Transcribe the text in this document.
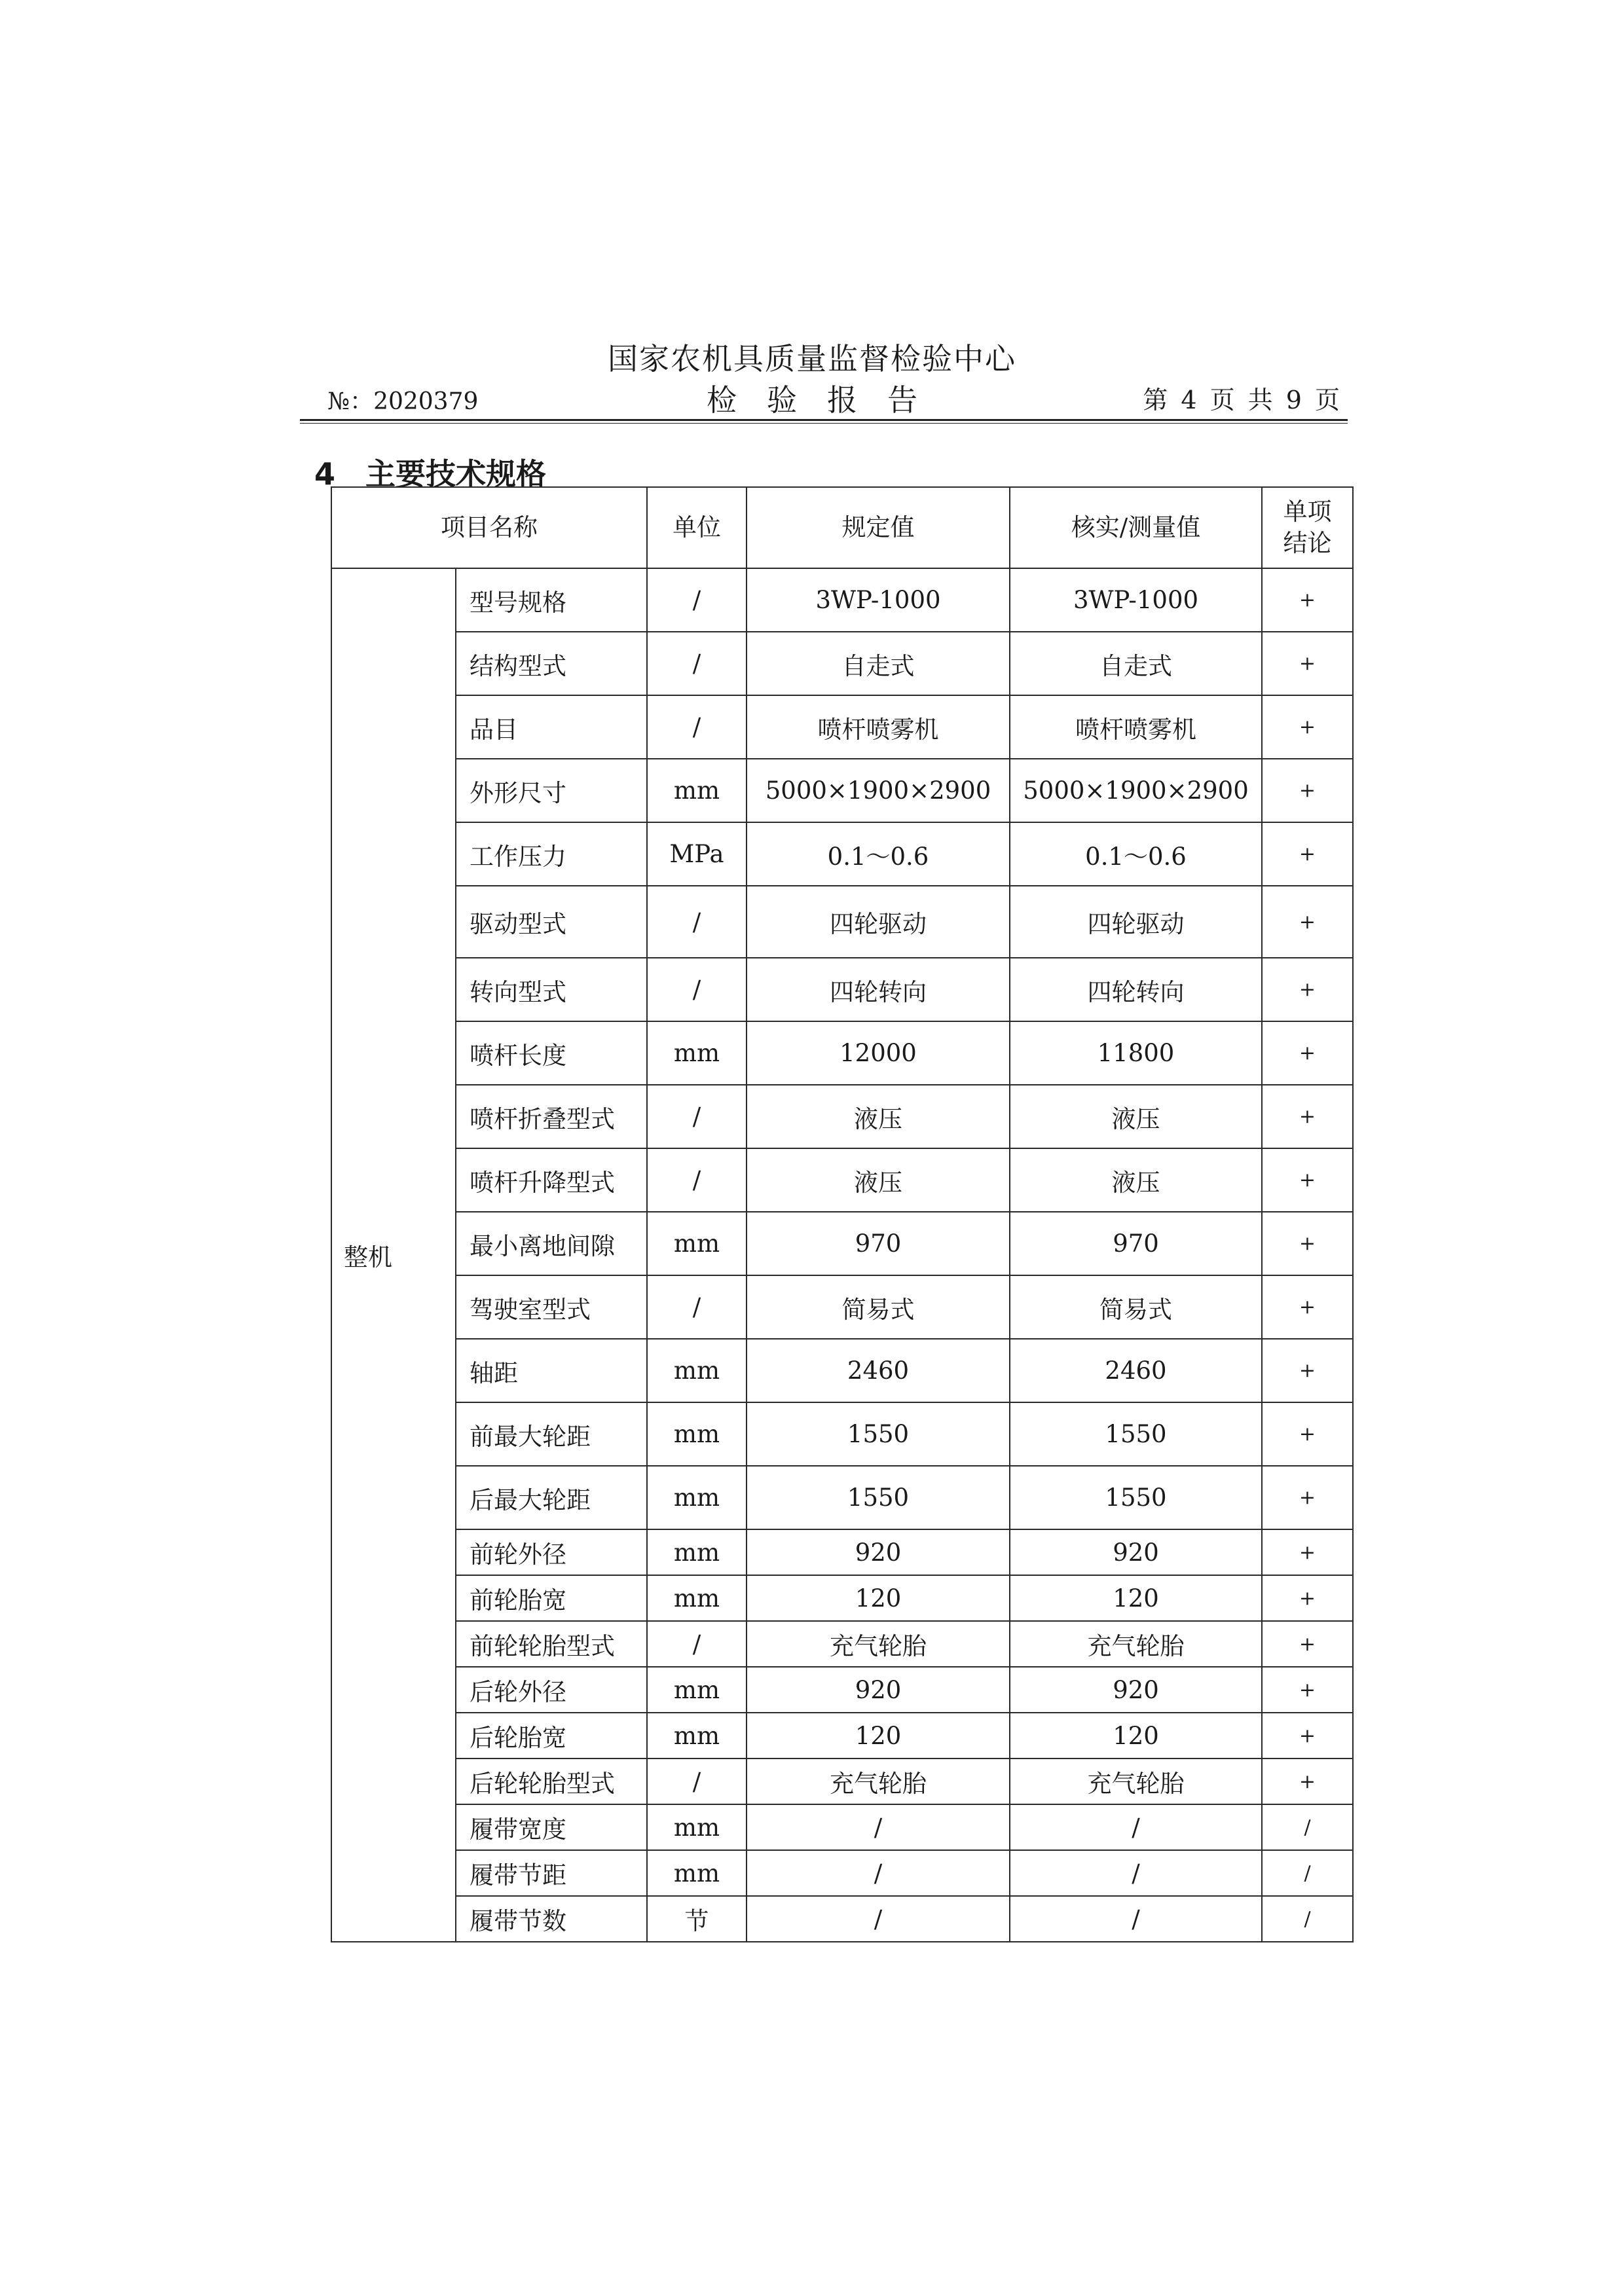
国家农机具质量监督检验中心
№：2020379	检验报告	第 4 页 共 9 页
4 主要技术规格
项目名称		单位	规定值	核实/测量值	单项结论
整机	型号规格	/	3WP-1000	3WP-1000	+
	结构型式	/	自走式	自走式	+
	品目	/	喷杆喷雾机	喷杆喷雾机	+
	外形尺寸	mm	5000×1900×2900	5000×1900×2900	+
	工作压力	MPa	0.1～0.6	0.1～0.6	+
	驱动型式	/	四轮驱动	四轮驱动	+
	转向型式	/	四轮转向	四轮转向	+
	喷杆长度	mm	12000	11800	+
	喷杆折叠型式	/	液压	液压	+
	喷杆升降型式	/	液压	液压	+
	最小离地间隙	mm	970	970	+
	驾驶室型式	/	简易式	简易式	+
	轴距	mm	2460	2460	+
	前最大轮距	mm	1550	1550	+
	后最大轮距	mm	1550	1550	+
	前轮外径	mm	920	920	+
	前轮胎宽	mm	120	120	+
	前轮轮胎型式	/	充气轮胎	充气轮胎	+
	后轮外径	mm	920	920	+
	后轮胎宽	mm	120	120	+
	后轮轮胎型式	/	充气轮胎	充气轮胎	+
	履带宽度	mm	/	/	/
	履带节距	mm	/	/	/
	履带节数	节	/	/	/
